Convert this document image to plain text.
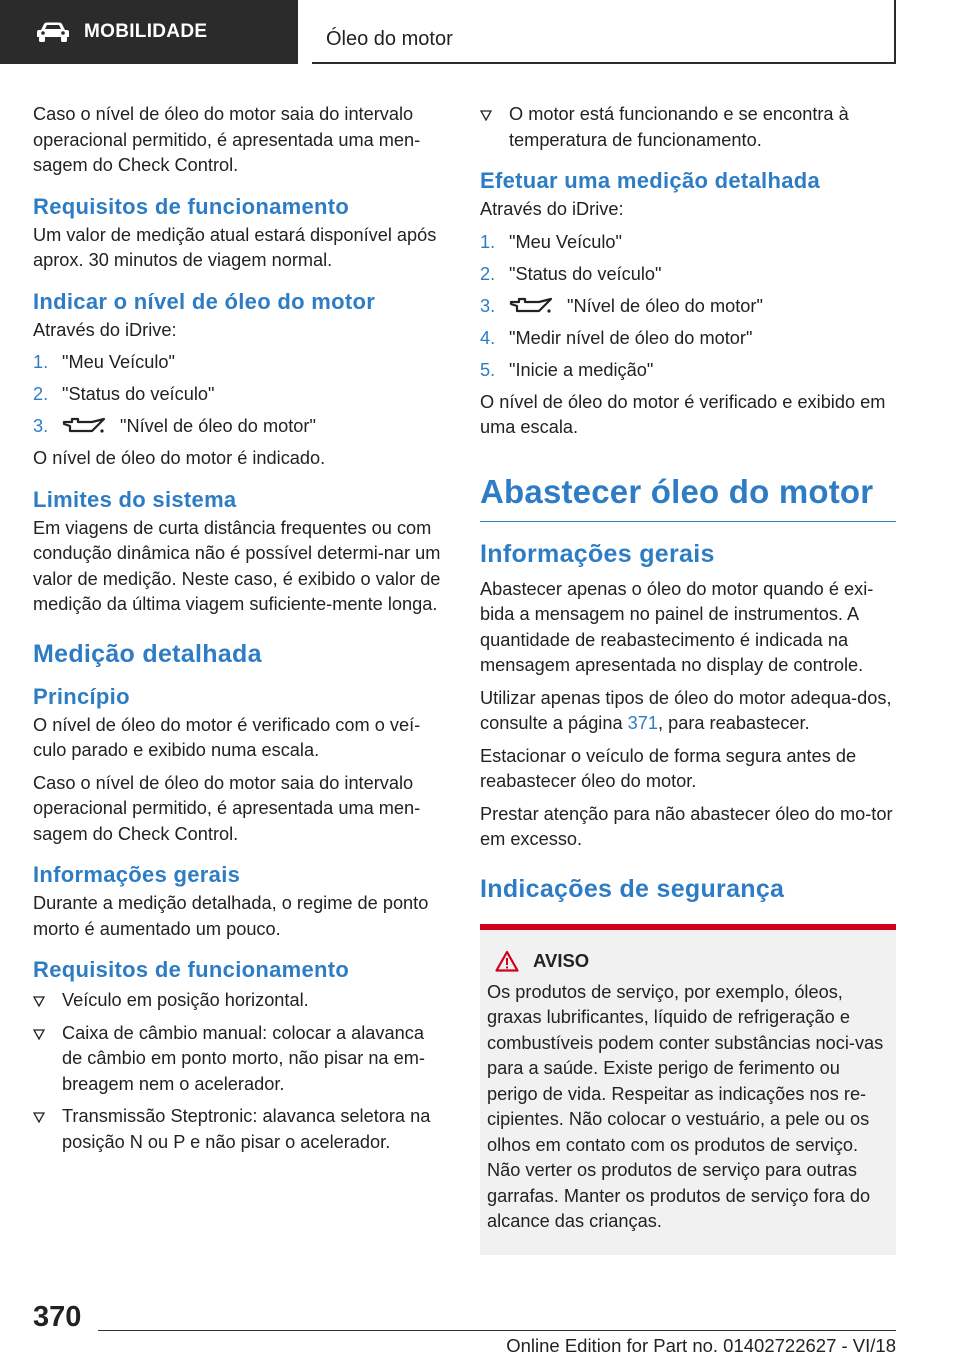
MOBILIDADE	Óleo do motor

Caso o nível de óleo do motor saia do intervalo operacional permitido, é apresentada uma men-sagem do Check Control.

Requisitos de funcionamento

Um valor de medição atual estará disponível após aprox. 30 minutos de viagem normal.

Indicar o nível de óleo do motor

Através do iDrive:

1. "Meu Veículo"
2. "Status do veículo"
3.	"Nível de óleo do motor"

O nível de óleo do motor é indicado.

Limites do sistema

Em viagens de curta distância frequentes ou com condução dinâmica não é possível determi-nar um valor de medição. Neste caso, é exibido o valor de medição da última viagem suficiente-mente longa.

Medição detalhada
Princípio

O nível de óleo do motor é verificado com o veí-culo parado e exibido numa escala.

Caso o nível de óleo do motor saia do intervalo operacional permitido, é apresentada uma men-sagem do Check Control.

Informações gerais

Durante a medição detalhada, o regime de ponto morto é aumentado um pouco.

Requisitos de funcionamento
Veículo em posição horizontal.
Caixa de câmbio manual: colocar a alavanca de câmbio em ponto morto, não pisar na em-breagem nem o acelerador.
Transmissão Steptronic: alavanca seletora na posição N ou P e não pisar o acelerador.
O motor está funcionando e se encontra à temperatura de funcionamento.
Efetuar uma medição detalhada

Através do iDrive:

1. "Meu Veículo"
2. "Status do veículo"
3.	"Nível de óleo do motor"
4. "Medir nível de óleo do motor"
5. "Inicie a medição"

O nível de óleo do motor é verificado e exibido em uma escala.

Abastecer óleo do motor
Informações gerais

Abastecer apenas o óleo do motor quando é exi-bida a mensagem no painel de instrumentos. A quantidade de reabastecimento é indicada na mensagem apresentada no display de controle.

Utilizar apenas tipos de óleo do motor adequa-dos, consulte a página 371, para reabastecer.

Estacionar o veículo de forma segura antes de reabastecer óleo do motor.

Prestar atenção para não abastecer óleo do mo-tor em excesso.

Indicações de segurança
AVISO

Os produtos de serviço, por exemplo, óleos, graxas lubrificantes, líquido de refrigeração e combustíveis podem conter substâncias noci-vas para a saúde. Existe perigo de ferimento ou perigo de vida. Respeitar as indicações nos re-cipientes. Não colocar o vestuário, a pele ou os olhos em contato com os produtos de serviço. Não verter os produtos de serviço para outras garrafas. Manter os produtos de serviço fora do alcance das crianças.

370
Online Edition for Part no. 01402722627 - VI/18
